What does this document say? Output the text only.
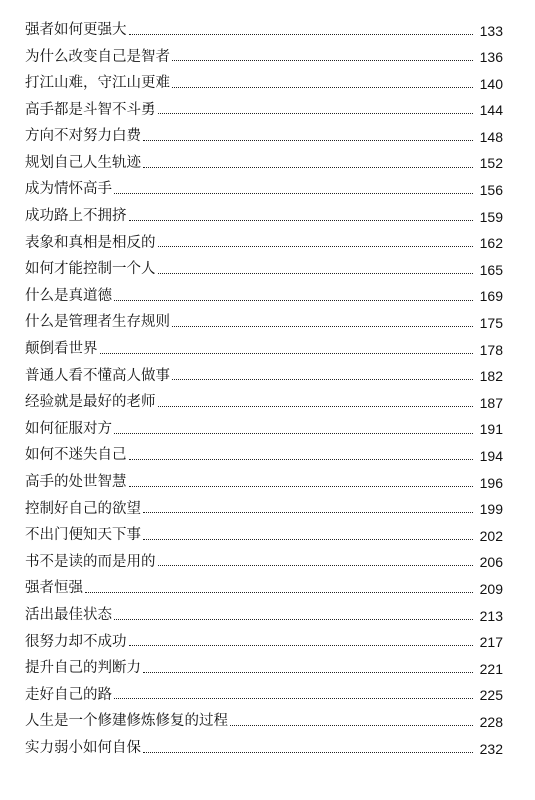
强者如何更强大	133
为什么改变自己是智者	136
打江山难，守江山更难	140
高手都是斗智不斗勇	144
方向不对努力白费	148
规划自己人生轨迹	152
成为情怀高手	156
成功路上不拥挤	159
表象和真相是相反的	162
如何才能控制一个人	165
什么是真道德	169
什么是管理者生存规则	175
颠倒看世界	178
普通人看不懂高人做事	182
经验就是最好的老师	187
如何征服对方	191
如何不迷失自己	194
高手的处世智慧	196
控制好自己的欲望	199
不出门便知天下事	202
书不是读的而是用的	206
强者恒强	209
活出最佳状态	213
很努力却不成功	217
提升自己的判断力	221
走好自己的路	225
人生是一个修建修炼修复的过程	228
实力弱小如何自保	232
